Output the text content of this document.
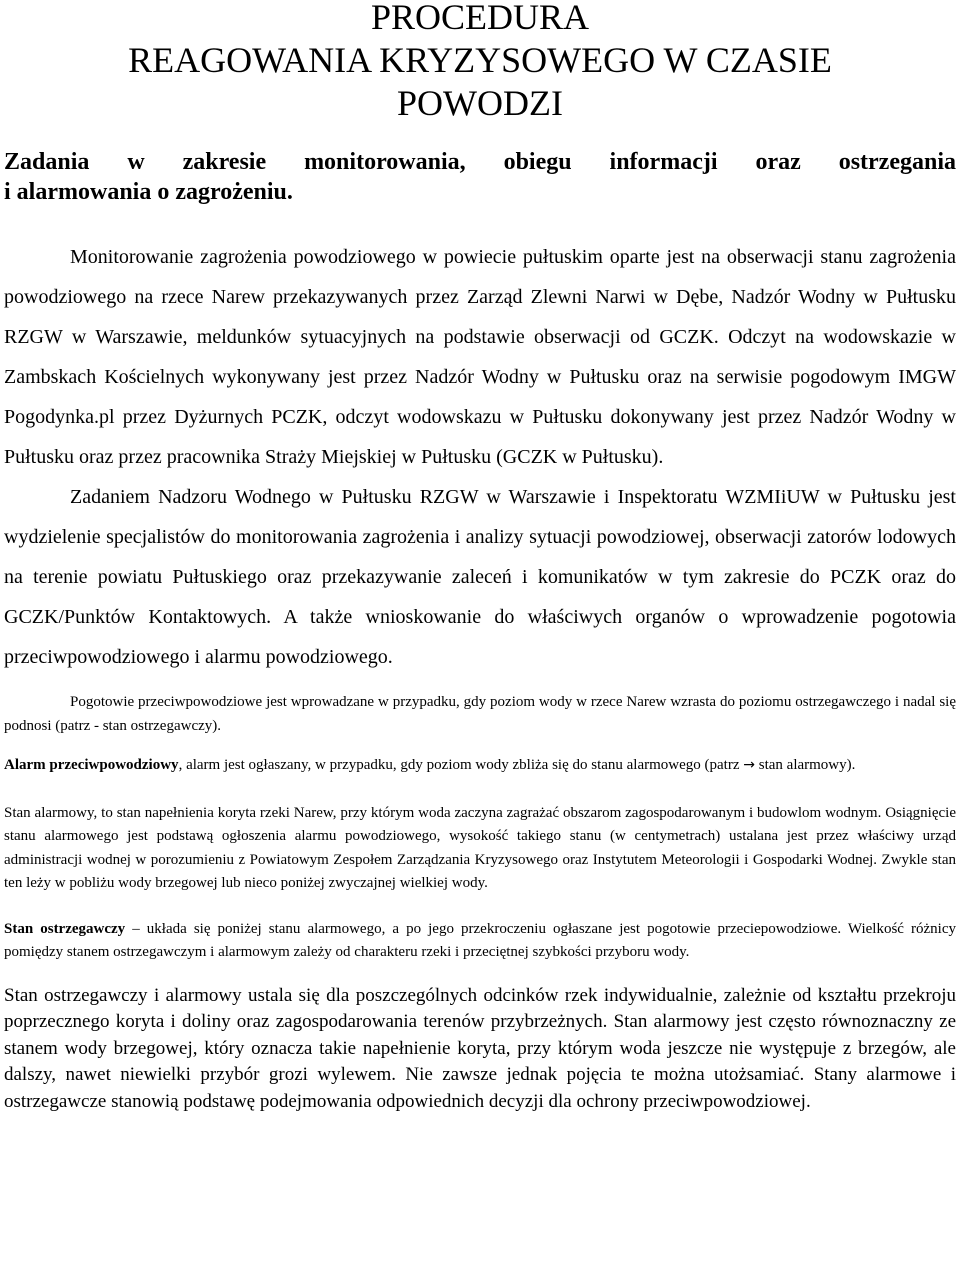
PROCEDURA
REAGOWANIA KRYZYSOWEGO W CZASIE
POWODZI
Zadania w zakresie monitorowania, obiegu informacji oraz ostrzegania
i alarmowania o zagrożeniu.

Monitorowanie zagrożenia powodziowego w powiecie pułtuskim oparte jest na obserwacji stanu zagrożenia powodziowego na rzece Narew przekazywanych przez Zarząd Zlewni Narwi w Dębe, Nadzór Wodny w Pułtusku RZGW w Warszawie, meldunków sytuacyjnych na podstawie obserwacji od GCZK. Odczyt na wodowskazie w Zambskach Kościelnych wykonywany jest przez Nadzór Wodny w Pułtusku oraz na serwisie pogodowym IMGW Pogodynka.pl przez Dyżurnych PCZK, odczyt wodowskazu w Pułtusku dokonywany jest przez Nadzór Wodny w Pułtusku oraz przez pracownika Straży Miejskiej w Pułtusku (GCZK w Pułtusku).

Zadaniem Nadzoru Wodnego w Pułtusku RZGW w Warszawie i Inspektoratu WZMIiUW w Pułtusku jest wydzielenie specjalistów do monitorowania zagrożenia i analizy sytuacji powodziowej, obserwacji zatorów lodowych na terenie powiatu Pułtuskiego oraz przekazywanie zaleceń i komunikatów w tym zakresie do PCZK oraz do GCZK/Punktów Kontaktowych. A także wnioskowanie do właściwych organów o wprowadzenie pogotowia przeciwpowodziowego i alarmu powodziowego.

Pogotowie przeciwpowodziowe jest wprowadzane w przypadku, gdy poziom wody w rzece Narew wzrasta do poziomu ostrzegawczego i nadal się podnosi (patrz - stan ostrzegawczy).

Alarm przeciwpowodziowy, alarm jest ogłaszany, w przypadku, gdy poziom wody zbliża się do stanu alarmowego (patrz → stan alarmowy).

Stan alarmowy, to stan napełnienia koryta rzeki Narew, przy którym woda zaczyna zagrażać obszarom zagospodarowanym i budowlom wodnym. Osiągnięcie stanu alarmowego jest podstawą ogłoszenia alarmu powodziowego, wysokość takiego stanu (w centymetrach) ustalana jest przez właściwy urząd administracji wodnej w porozumieniu z Powiatowym Zespołem Zarządzania Kryzysowego oraz Instytutem Meteorologii i Gospodarki Wodnej. Zwykle stan ten leży w pobliżu wody brzegowej lub nieco poniżej zwyczajnej wielkiej wody.

Stan ostrzegawczy – układa się poniżej stanu alarmowego, a po jego przekroczeniu ogłaszane jest pogotowie przeciepowodziowe. Wielkość różnicy pomiędzy stanem ostrzegawczym i alarmowym zależy od charakteru rzeki i przeciętnej szybkości przyboru wody.

Stan ostrzegawczy i alarmowy ustala się dla poszczególnych odcinków rzek indywidualnie, zależnie od kształtu przekroju poprzecznego koryta i doliny oraz zagospodarowania terenów przybrzeżnych. Stan alarmowy jest często równoznaczny ze stanem wody brzegowej, który oznacza takie napełnienie koryta, przy którym woda jeszcze nie występuje z brzegów, ale dalszy, nawet niewielki przybór grozi wylewem. Nie zawsze jednak pojęcia te można utożsamiać. Stany alarmowe i ostrzegawcze stanowią podstawę podejmowania odpowiednich decyzji dla ochrony przeciwpowodziowej.
